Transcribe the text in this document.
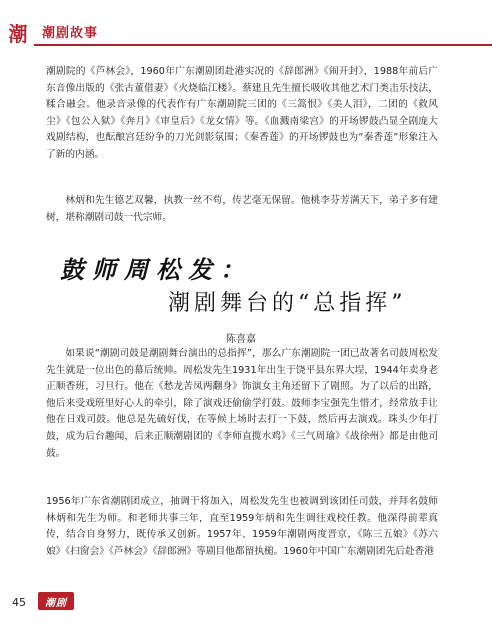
潮 潮剧故事
潮剧院的《芦林会》，1960年广东潮剧团赴港实况的《辞郎洲》《闹开封》，1988年前后广东音像出版的《张古董借妻》《火烧临江楼》。蔡建且先生擅长吸收其他艺术门类击乐技法，糅合融会。他录音录像的代表作有广东潮剧院三团的《三篙恨》《美人泪》，二团的《救风尘》《包公入狱》《奔月》《审皇后》《龙女情》等。《血溅南梁宫》的开场锣鼓凸显全剧庞大戏剧结构，也酝酿宫廷纷争的刀光剑影氛围；《秦香莲》的开场锣鼓也为“秦香莲”形象注入了新的内涵。
林炳和先生德艺双馨，执教一丝不苟，传艺毫无保留。他桃李芬芳满天下，弟子多有建树，堪称潮剧司鼓一代宗师。
鼓师周松发：
潮剧舞台的“总指挥”
陈喜嘉
如果说“潮剧司鼓是潮剧舞台演出的总指挥”，那么广东潮剧院一团已故著名司鼓周松发先生就是一位出色的幕后统帅。周松发先生1931年出生于饶平县东界大埕，1944年卖身老正顺香班，习旦行。他在《愁龙苦凤两翻身》饰演女主角还留下了剧照。为了以后的出路，他后来受戏班里好心人的牵引，除了演戏还偷偷学打鼓。鼓师李宝强先生惜才，经常放手让他在日戏司鼓。他总是先硫好伐，在等候上场时去打一下鼓，然后再去演戏。珠头少年打鼓，成为后台趣闻，后来正顺潮剧团的《李师直揽水鸡》《三气周瑜》《战徐州》都是由他司鼓。
1956年广东省潮剧团成立，抽调干将加入，周松发先生也被调到该团任司鼓，并拜名鼓师林炳和先生为师。和老师共事三年，直至1959年炳和先生调往戏校任教。他深得前辈真传，结合自身努力，既传承又创新。1957年、1959年潮剧两度晋京，《陈三五娘》《苏六娘》《扫窗会》《芦林会》《辞郎洲》等剧目他都留执槌。1960年中国广东潮剧团先后赴香港
45	潮剧
